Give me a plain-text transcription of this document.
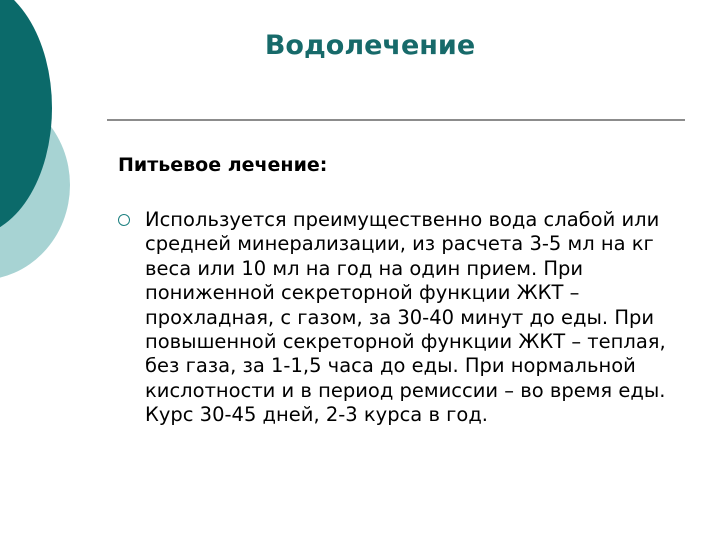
Водолечение
Питьевое лечение:
Используется преимущественно вода слабой или средней минерализации, из расчета 3-5 мл на кг веса или 10 мл на год на один прием. При пониженной секреторной функции ЖКТ – прохладная, с газом, за 30-40 минут до еды. При повышенной секреторной функции ЖКТ – теплая, без газа, за 1-1,5 часа до еды. При нормальной кислотности и в период ремиссии – во время еды. Курс 30-45 дней, 2-3 курса в год.
